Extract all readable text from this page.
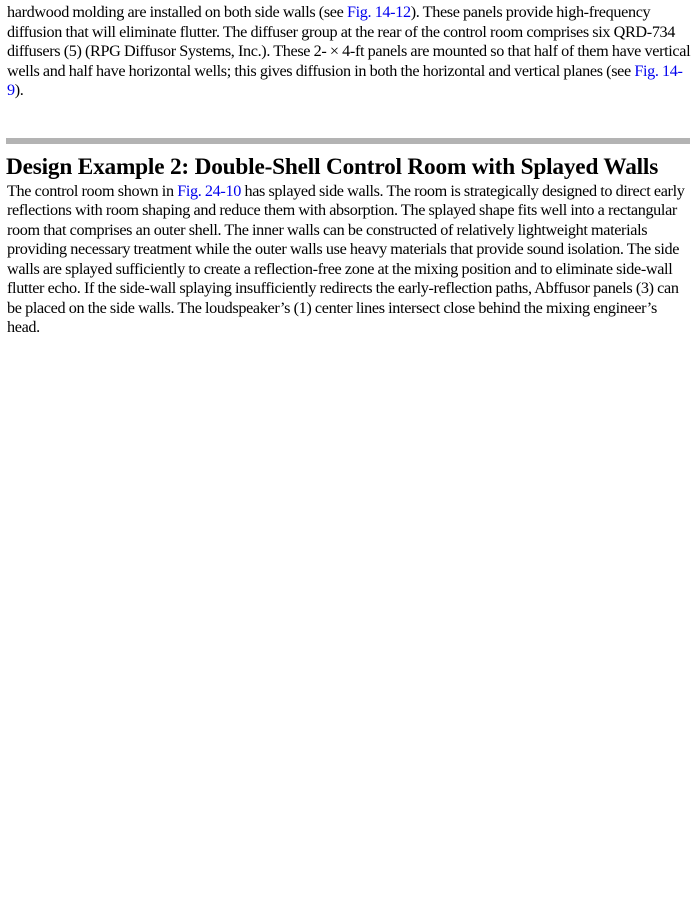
hardwood molding are installed on both side walls (see Fig. 14-12). These panels provide high-frequency diffusion that will eliminate flutter. The diffuser group at the rear of the control room comprises six QRD-734 diffusers (5) (RPG Diffusor Systems, Inc.). These 2- × 4-ft panels are mounted so that half of them have vertical wells and half have horizontal wells; this gives diffusion in both the horizontal and vertical planes (see Fig. 14-9).

Design Example 2: Double-Shell Control Room with Splayed Walls

The control room shown in Fig. 24-10 has splayed side walls. The room is strategically designed to direct early reflections with room shaping and reduce them with absorption. The splayed shape fits well into a rectangular room that comprises an outer shell. The inner walls can be constructed of relatively lightweight materials providing necessary treatment while the outer walls use heavy materials that provide sound isolation. The side walls are splayed sufficiently to create a reflection-free zone at the mixing position and to eliminate side-wall flutter echo. If the side-wall splaying insufficiently redirects the early-reflection paths, Abffusor panels (3) can be placed on the side walls. The loudspeaker’s (1) center lines intersect close behind the mixing engineer’s head.
